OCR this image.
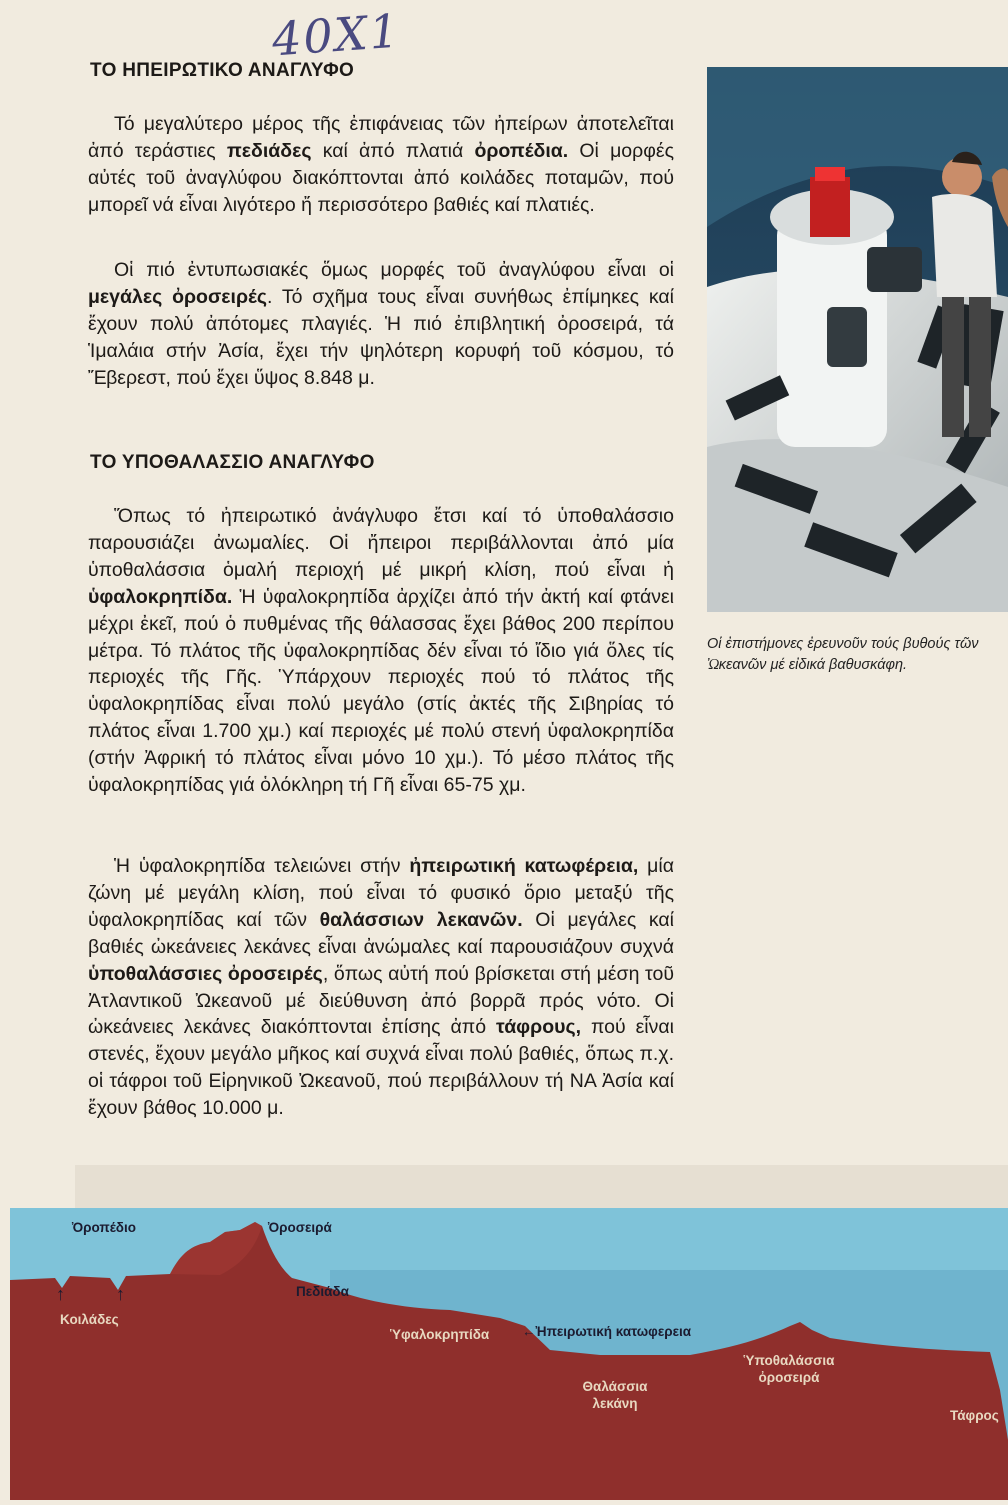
40Χ1
ΤΟ ΗΠΕΙΡΩΤΙΚΟ ΑΝΑΓΛΥΦΟ

Τό μεγαλύτερο μέρος τῆς ἐπιφάνειας τῶν ἠπείρων ἀποτελεῖται ἀπό τεράστιες πεδιάδες καί ἀπό πλατιά ὀροπέδια. Οἱ μορφές αὐτές τοῦ ἀναγλύφου διακόπτονται ἀπό κοιλάδες ποταμῶν, πού μπορεῖ νά εἶναι λιγότερο ἤ περισσότερο βαθιές καί πλατιές.

Οἱ πιό ἐντυπωσιακές ὅμως μορφές τοῦ ἀναγλύφου εἶναι οἱ μεγάλες ὀροσειρές. Τό σχῆμα τους εἶναι συνήθως ἐπίμηκες καί ἔχουν πολύ ἀπότομες πλαγιές. Ἡ πιό ἐπιβλητική ὀροσειρά, τά Ἱμαλάια στήν Ἀσία, ἔχει τήν ψηλότερη κορυφή τοῦ κόσμου, τό Ἔβερεστ, πού ἔχει ὕψος 8.848 μ.

ΤΟ ΥΠΟΘΑΛΑΣΣΙΟ ΑΝΑΓΛΥΦΟ

Ὅπως τό ἠπειρωτικό ἀνάγλυφο ἔτσι καί τό ὑποθαλάσσιο παρουσιάζει ἀνωμαλίες. Οἱ ἤπειροι περιβάλλονται ἀπό μία ὑποθαλάσσια ὁμαλή περιοχή μέ μικρή κλίση, πού εἶναι ἡ ὑφαλοκρηπίδα. Ἡ ὑφαλοκρηπίδα ἀρχίζει ἀπό τήν ἀκτή καί φτάνει μέχρι ἐκεῖ, πού ὁ πυθμένας τῆς θάλασσας ἔχει βάθος 200 περίπου μέτρα. Τό πλάτος τῆς ὑφαλοκρηπίδας δέν εἶναι τό ἴδιο γιά ὅλες τίς περιοχές τῆς Γῆς. Ὑπάρχουν περιοχές πού τό πλάτος τῆς ὑφαλοκρηπίδας εἶναι πολύ μεγάλο (στίς ἀκτές τῆς Σιβηρίας τό πλάτος εἶναι 1.700 χμ.) καί περιοχές μέ πολύ στενή ὑφαλοκρηπίδα (στήν Ἀφρική τό πλάτος εἶναι μόνο 10 χμ.). Τό μέσο πλάτος τῆς ὑφαλοκρηπίδας γιά ὁλόκληρη τή Γῆ εἶναι 65-75 χμ.

Ἡ ὑφαλοκρηπίδα τελειώνει στήν ἠπειρωτική κατωφέρεια, μία ζώνη μέ μεγάλη κλίση, πού εἶναι τό φυσικό ὅριο μεταξύ τῆς ὑφαλοκρηπίδας καί τῶν θαλάσσιων λεκανῶν. Οἱ μεγάλες καί βαθιές ὠκεάνειες λεκάνες εἶναι ἀνώμαλες καί παρουσιάζουν συχνά ὑποθαλάσσιες ὀροσειρές, ὅπως αὐτή πού βρίσκεται στή μέση τοῦ Ἀτλαντικοῦ Ὠκεανοῦ μέ διεύθυνση ἀπό βορρᾶ πρός νότο. Οἱ ὠκεάνειες λεκάνες διακόπτονται ἐπίσης ἀπό τάφρους, πού εἶναι στενές, ἔχουν μεγάλο μῆκος καί συχνά εἶναι πολύ βαθιές, ὅπως π.χ. οἱ τάφροι τοῦ Εἰρηνικοῦ Ὠκεανοῦ, πού περιβάλλουν τή ΝΑ Ἀσία καί ἔχουν βάθος 10.000 μ.

Οἱ ἐπιστήμονες ἐρευνοῦν τούς βυθούς τῶν Ὠκεανῶν μέ εἰδικά βαθυσκάφη.

Ὀροπέδιο	Ὀροσειρά
↑	↑
Κοιλάδες
Πεδιάδα
Ὑφαλοκρηπίδα ←Ἠπειρωτική κατωφερεια
Ὑποθαλάσσια ὀροσειρά
Θαλάσσια λεκάνη
Τάφρος
